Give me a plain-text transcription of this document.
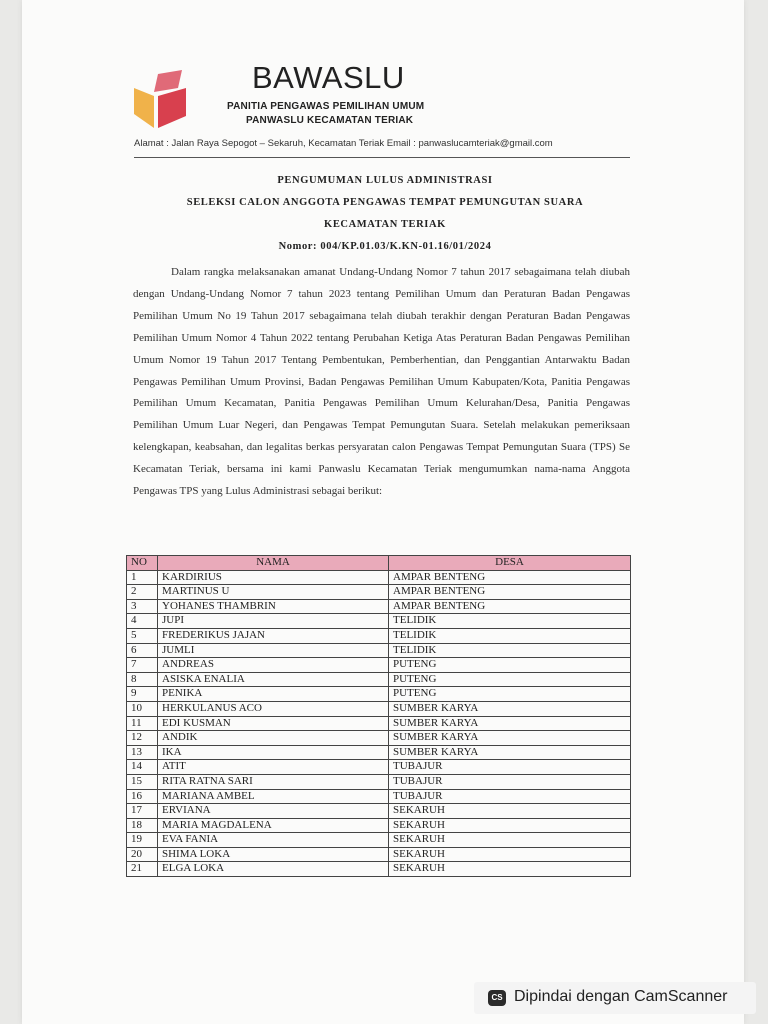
BAWASLU
PANITIA PENGAWAS PEMILIHAN UMUM
PANWASLU KECAMATAN TERIAK
Alamat : Jalan Raya Sepogot – Sekaruh, Kecamatan Teriak Email : panwaslucamteriak@gmail.com
PENGUMUMAN LULUS ADMINISTRASI
SELEKSI CALON ANGGOTA PENGAWAS TEMPAT PEMUNGUTAN SUARA
KECAMATAN TERIAK
Nomor: 004/KP.01.03/K.KN-01.16/01/2024
Dalam rangka melaksanakan amanat Undang-Undang Nomor 7 tahun 2017 sebagaimana telah diubah dengan Undang-Undang Nomor 7 tahun 2023 tentang Pemilihan Umum dan Peraturan Badan Pengawas Pemilihan Umum No 19 Tahun 2017 sebagaimana telah diubah terakhir dengan Peraturan Badan Pengawas Pemilihan Umum Nomor 4 Tahun 2022 tentang Perubahan Ketiga Atas Peraturan Badan Pengawas Pemilihan Umum Nomor 19 Tahun 2017 Tentang Pembentukan, Pemberhentian, dan Penggantian Antarwaktu Badan Pengawas Pemilihan Umum Provinsi, Badan Pengawas Pemilihan Umum Kabupaten/Kota, Panitia Pengawas Pemilihan Umum Kecamatan, Panitia Pengawas Pemilihan Umum Kelurahan/Desa, Panitia Pengawas Pemilihan Umum Luar Negeri, dan Pengawas Tempat Pemungutan Suara. Setelah melakukan pemeriksaan kelengkapan, keabsahan, dan legalitas berkas persyaratan calon Pengawas Tempat Pemungutan Suara (TPS) Se Kecamatan Teriak, bersama ini kami Panwaslu Kecamatan Teriak mengumumkan nama-nama Anggota Pengawas TPS yang Lulus Administrasi sebagai berikut:
NO	NAMA	DESA
1	KARDIRIUS	AMPAR BENTENG
2	MARTINUS U	AMPAR BENTENG
3	YOHANES THAMBRIN	AMPAR BENTENG
4	JUPI	TELIDIK
5	FREDERIKUS JAJAN	TELIDIK
6	JUMLI	TELIDIK
7	ANDREAS	PUTENG
8	ASISKA ENALIA	PUTENG
9	PENIKA	PUTENG
10	HERKULANUS ACO	SUMBER KARYA
11	EDI KUSMAN	SUMBER KARYA
12	ANDIK	SUMBER KARYA
13	IKA	SUMBER KARYA
14	ATIT	TUBAJUR
15	RITA RATNA SARI	TUBAJUR
16	MARIANA AMBEL	TUBAJUR
17	ERVIANA	SEKARUH
18	MARIA MAGDALENA	SEKARUH
19	EVA FANIA	SEKARUH
20	SHIMA LOKA	SEKARUH
21	ELGA LOKA	SEKARUH
CS Dipindai dengan CamScanner
